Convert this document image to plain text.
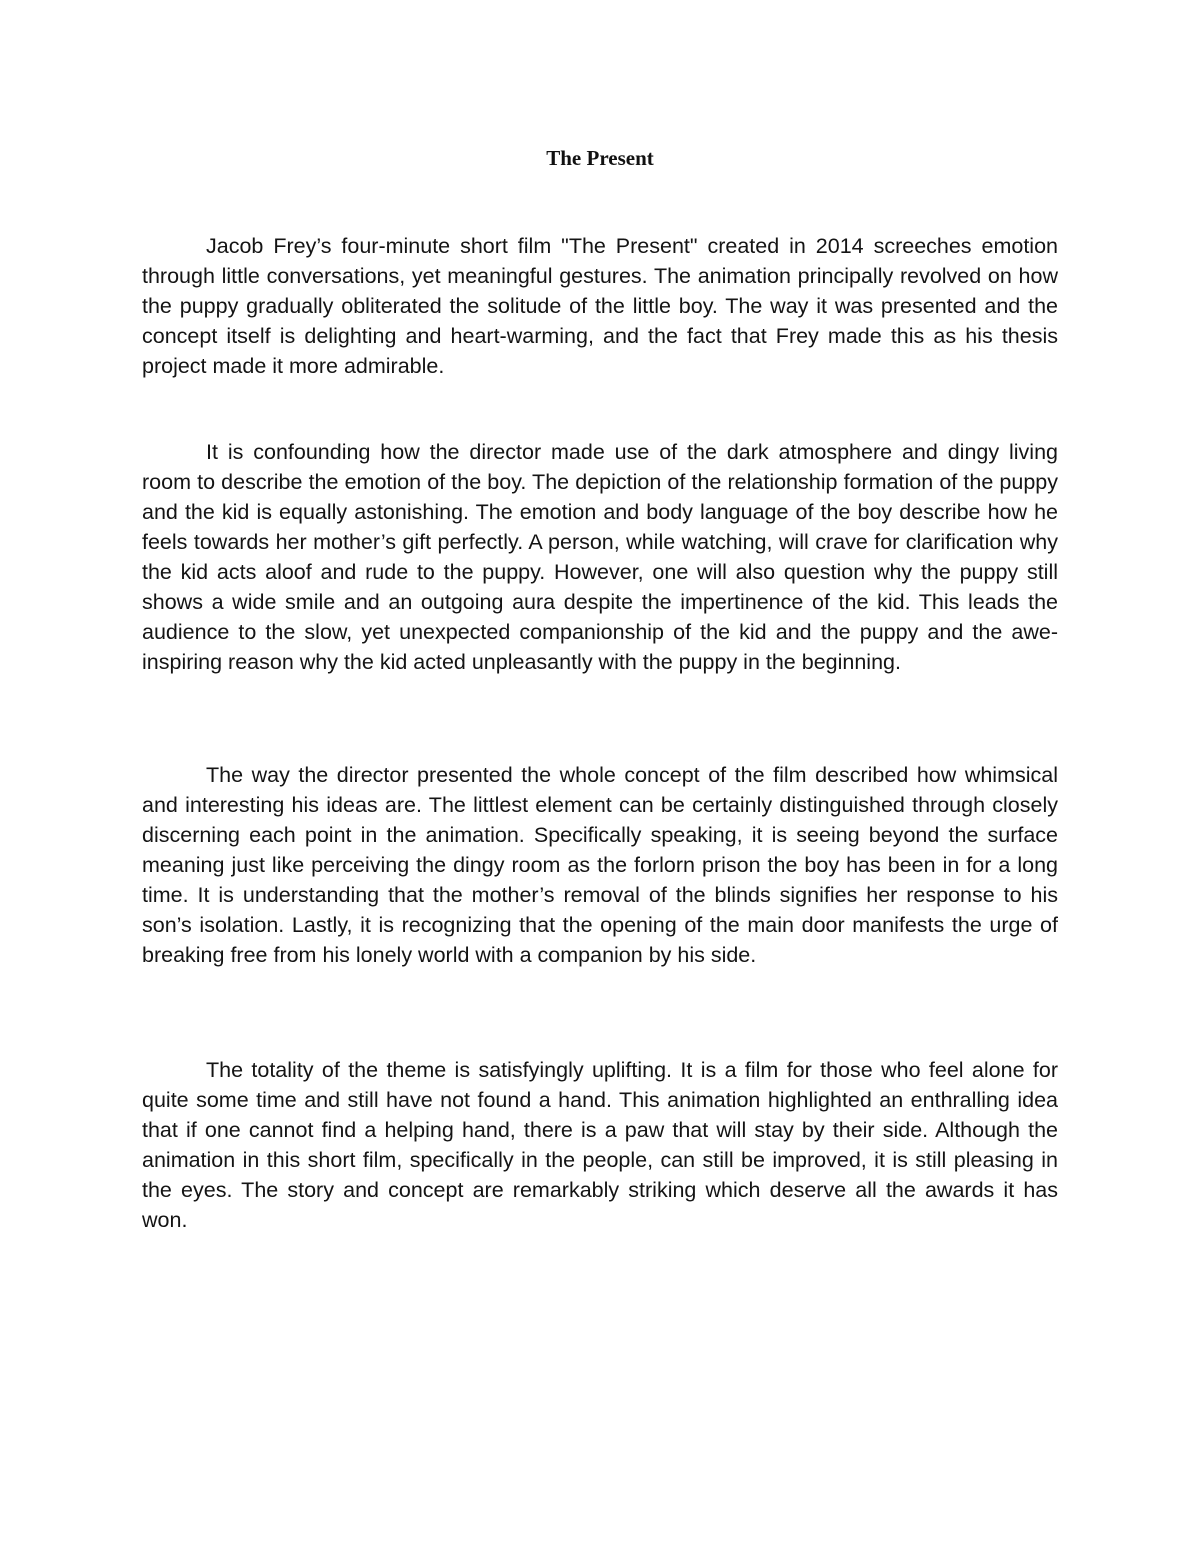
The Present

Jacob Frey’s four-minute short film "The Present" created in 2014 screeches emotion through little conversations, yet meaningful gestures. The animation principally revolved on how the puppy gradually obliterated the solitude of the little boy. The way it was presented and the concept itself is delighting and heart-warming, and the fact that Frey made this as his thesis project made it more admirable.

It is confounding how the director made use of the dark atmosphere and dingy living room to describe the emotion of the boy. The depiction of the relationship formation of the puppy and the kid is equally astonishing. The emotion and body language of the boy describe how he feels towards her mother’s gift perfectly. A person, while watching, will crave for clarification why the kid acts aloof and rude to the puppy. However, one will also question why the puppy still shows a wide smile and an outgoing aura despite the impertinence of the kid. This leads the audience to the slow, yet unexpected companionship of the kid and the puppy and the awe-inspiring reason why the kid acted unpleasantly with the puppy in the beginning.

The way the director presented the whole concept of the film described how whimsical and interesting his ideas are. The littlest element can be certainly distinguished through closely discerning each point in the animation. Specifically speaking, it is seeing beyond the surface meaning just like perceiving the dingy room as the forlorn prison the boy has been in for a long time. It is understanding that the mother’s removal of the blinds signifies her response to his son’s isolation. Lastly, it is recognizing that the opening of the main door manifests the urge of breaking free from his lonely world with a companion by his side.

The totality of the theme is satisfyingly uplifting. It is a film for those who feel alone for quite some time and still have not found a hand. This animation highlighted an enthralling idea that if one cannot find a helping hand, there is a paw that will stay by their side. Although the animation in this short film, specifically in the people, can still be improved, it is still pleasing in the eyes. The story and concept are remarkably striking which deserve all the awards it has won.
